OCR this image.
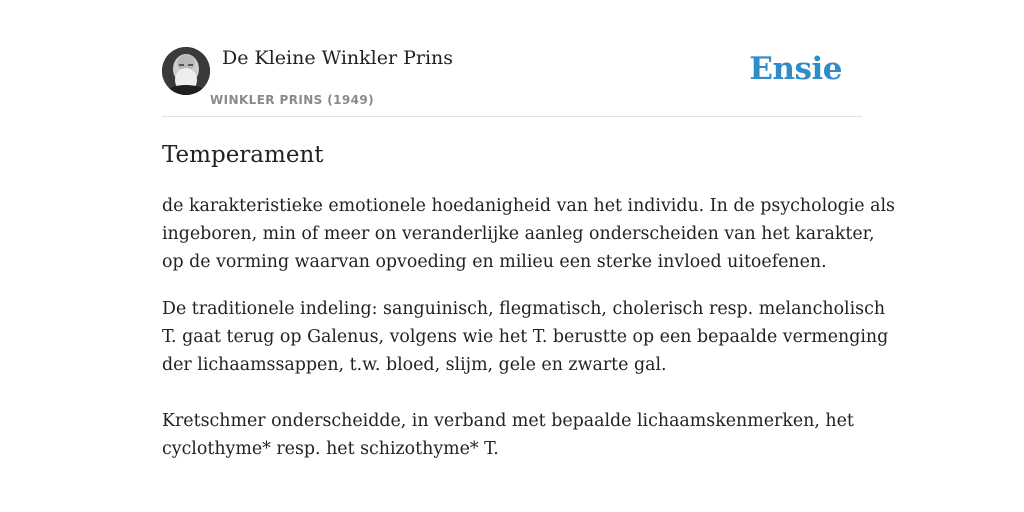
De Kleine Winkler Prins
WINKLER PRINS (1949)
Ensie
Temperament

de karakteristieke emotionele hoedanigheid van het individu. In de psychologie als
ingeboren, min of meer on veranderlijke aanleg onderscheiden van het karakter,
op de vorming waarvan opvoeding en milieu een sterke invloed uitoefenen.

De traditionele indeling: sanguinisch, flegmatisch, cholerisch resp. melancholisch
T. gaat terug op Galenus, volgens wie het T. berustte op een bepaalde vermenging
der lichaamssappen, t.w. bloed, slijm, gele en zwarte gal.

Kretschmer onderscheidde, in verband met bepaalde lichaamskenmerken, het
cyclothyme* resp. het schizothyme* T.
